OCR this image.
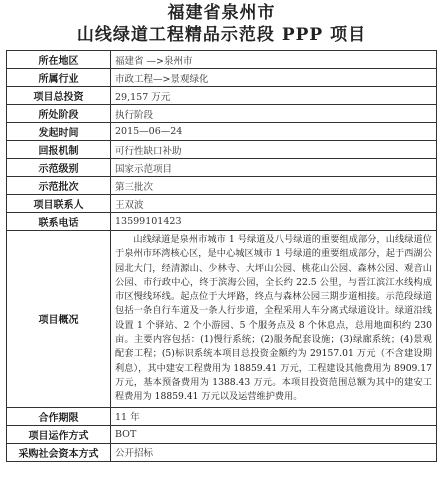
福建省泉州市
山线绿道工程精品示范段 PPP 项目
所在地区	福建省 —>泉州市
所属行业	市政工程—>景观绿化
项目总投资	29,157 万元
所处阶段	执行阶段
发起时间	2015—06—24
回报机制	可行性缺口补助
示范级别	国家示范项目
示范批次	第三批次
项目联系人	王双波
联系电话	13599101423
项目概况	山线绿道是泉州市城市 1 号绿道及八号绿道的重要组成部分，山线绿道位于泉州市环湾核心区，是中心城区城市 1 号绿道的重要组成部分，起于西湖公园北大门，经清源山、少林寺、大坪山公园、桃花山公园、森林公园、观音山公园、市行政中心，终于滨海公园，全长约 22.5 公里，与晋江滨江水线构成市区慢线环线。起点位于大坪路，终点与森林公园三期步道相接。示范段绿道包括一条自行车道及一条人行步道，全程采用人车分离式绿道设计。绿道沿线设置 1 个驿站、2 个小游园、5 个服务点及 8 个休息点，总用地面积约 230 亩。主要内容包括：(1)慢行系统；(2)服务配套设施；(3)绿廊系统；(4)景观配套工程；(5)标识系统本项目总投资金额约为 29157.01 万元（不含建设期利息），其中建安工程费用为 18859.41 万元，工程建设其他费用为 8909.17 万元，基本预备费用为 1388.43 万元。本项目投资范围总额为其中的建安工程费用为 18859.41 万元以及运营维护费用。
合作期限	11 年
项目运作方式	BOT
采购社会资本方式	公开招标
